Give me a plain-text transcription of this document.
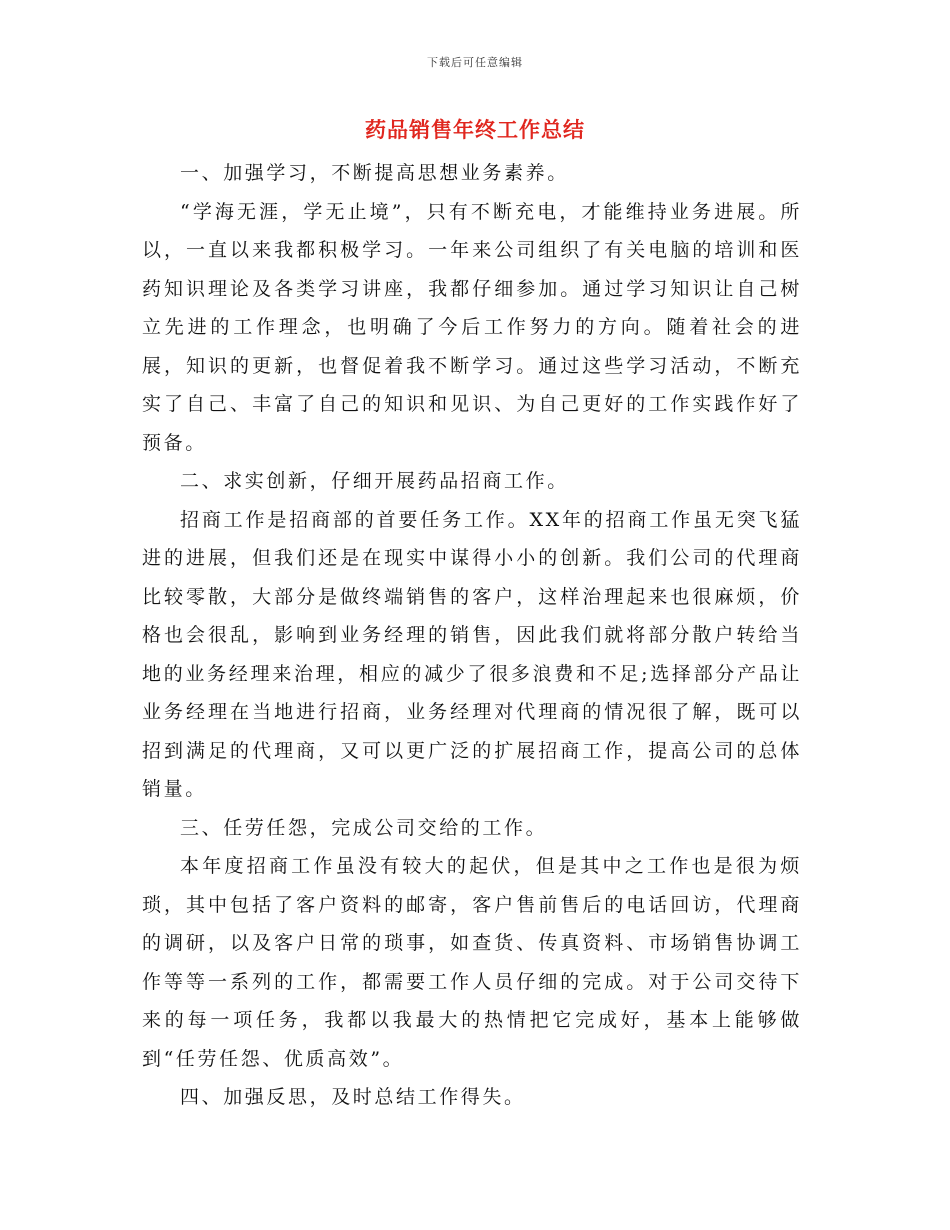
下载后可任意编辑
药品销售年终工作总结

一、加强学习，不断提高思想业务素养。

“学海无涯，学无止境”，只有不断充电，才能维持业务进展。所以，一直以来我都积极学习。一年来公司组织了有关电脑的培训和医药知识理论及各类学习讲座，我都仔细参加。通过学习知识让自己树立先进的工作理念，也明确了今后工作努力的方向。随着社会的进展，知识的更新，也督促着我不断学习。通过这些学习活动，不断充实了自己、丰富了自己的知识和见识、为自己更好的工作实践作好了预备。

二、求实创新，仔细开展药品招商工作。

招商工作是招商部的首要任务工作。XX年的招商工作虽无突飞猛进的进展，但我们还是在现实中谋得小小的创新。我们公司的代理商比较零散，大部分是做终端销售的客户，这样治理起来也很麻烦，价格也会很乱，影响到业务经理的销售，因此我们就将部分散户转给当地的业务经理来治理，相应的减少了很多浪费和不足;选择部分产品让业务经理在当地进行招商，业务经理对代理商的情况很了解，既可以招到满足的代理商，又可以更广泛的扩展招商工作，提高公司的总体销量。

三、任劳任怨，完成公司交给的工作。

本年度招商工作虽没有较大的起伏，但是其中之工作也是很为烦琐，其中包括了客户资料的邮寄，客户售前售后的电话回访，代理商的调研，以及客户日常的琐事，如查货、传真资料、市场销售协调工作等等一系列的工作，都需要工作人员仔细的完成。对于公司交待下来的每一项任务，我都以我最大的热情把它完成好，基本上能够做到“任劳任怨、优质高效”。

四、加强反思，及时总结工作得失。
